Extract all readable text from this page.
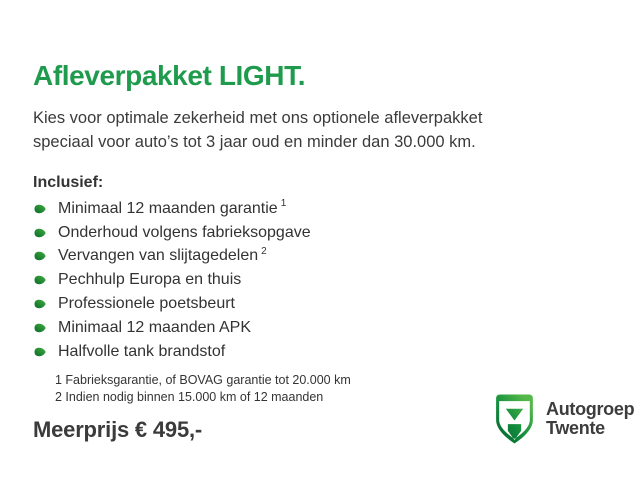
Afleverpakket LIGHT.
Kies voor optimale zekerheid met ons optionele afleverpakket
speciaal voor auto’s tot 3 jaar oud en minder dan 30.000 km.
Inclusief:
Minimaal 12 maanden garantie $^1$
Onderhoud volgens fabrieksopgave
Vervangen van slijtagedelen $^2$
Pechhulp Europa en thuis
Professionele poetsbeurt
Minimaal 12 maanden APK
Halfvolle tank brandstof
1 Fabrieksgarantie, of BOVAG garantie tot 20.000 km
2 Indien nodig binnen 15.000 km of 12 maanden
Meerprijs € 495,-
Autogroep
Twente
